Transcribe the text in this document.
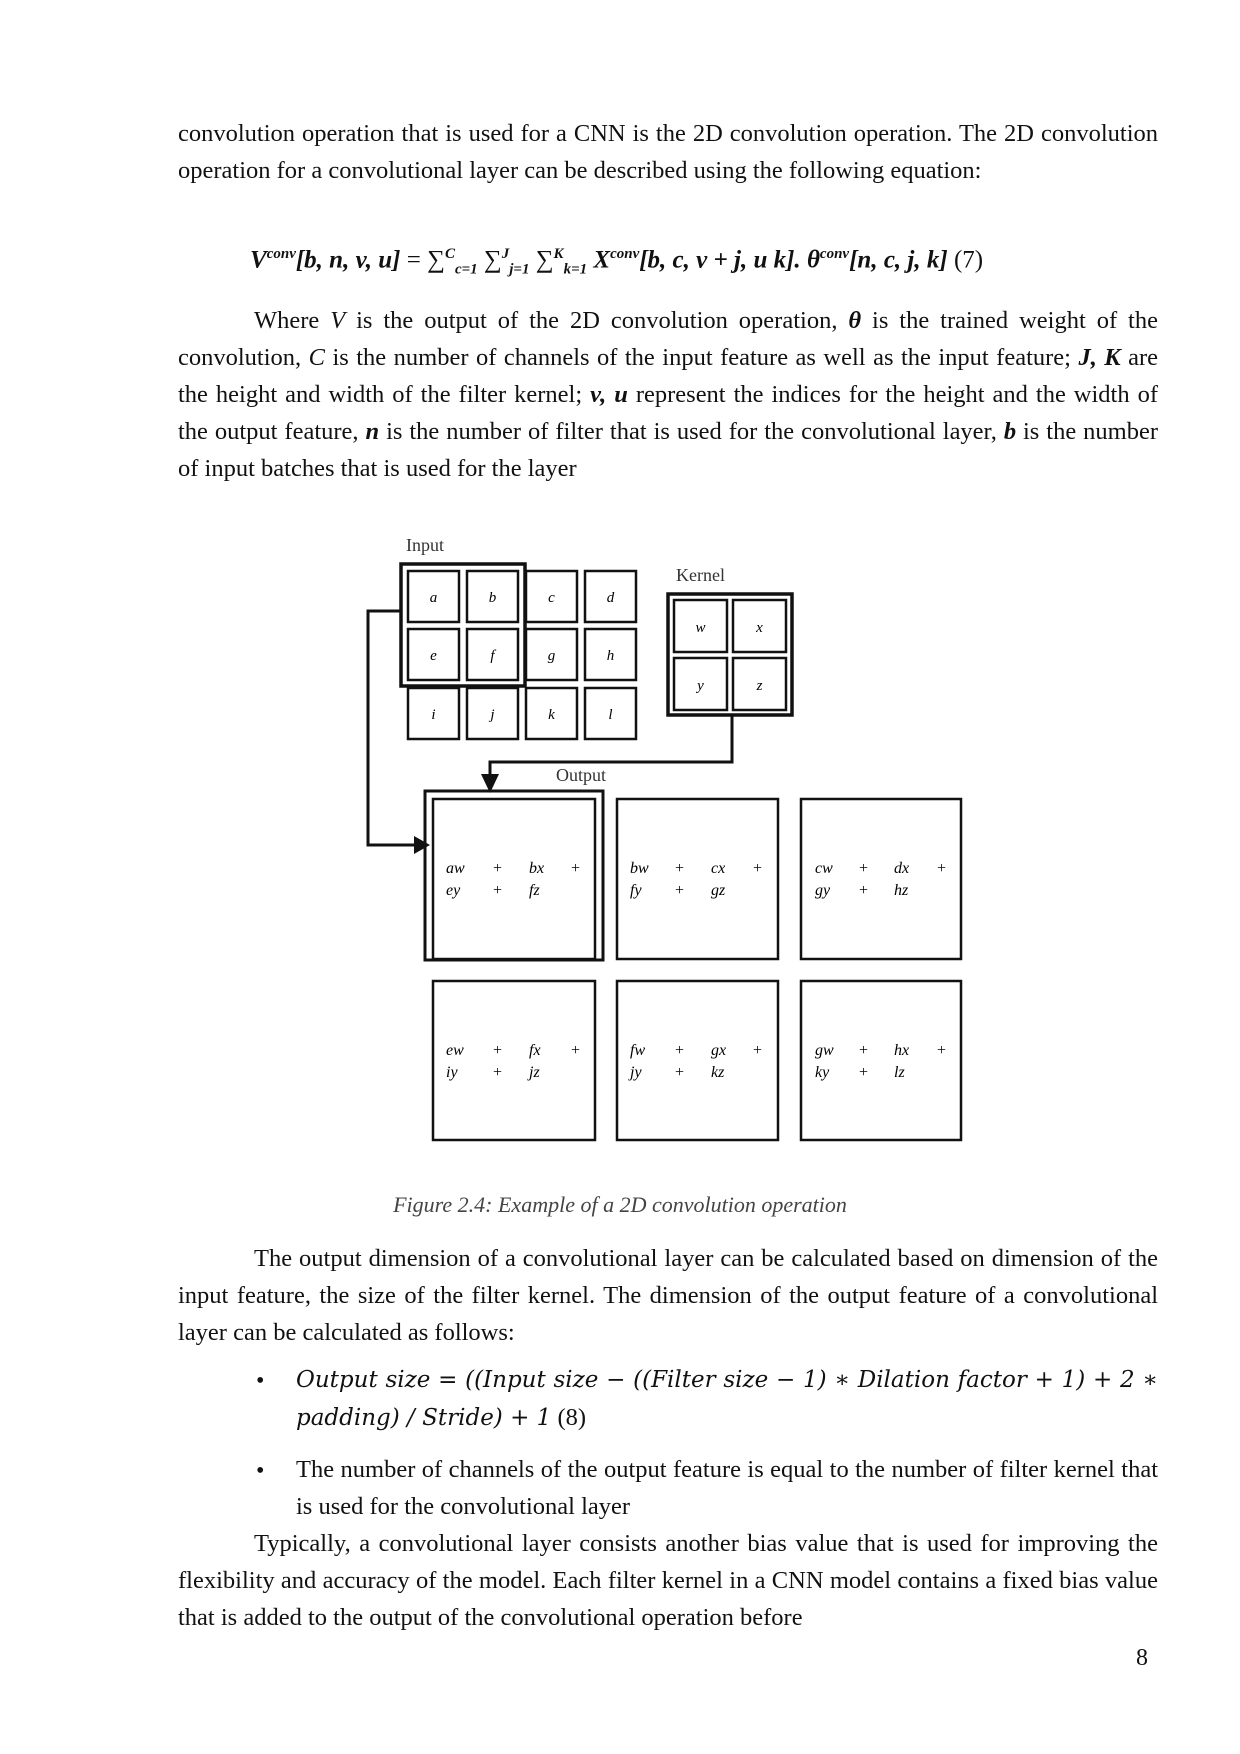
convolution operation that is used for a CNN is the 2D convolution operation. The 2D convolution operation for a convolutional layer can be described using the following equation:

$V^{conv}[b$, n, v, u] = ∑$^C_{c=1}$ ∑$^J_{j=1}$ ∑$^K_{k=1}$ $X^{conv}[b$, c, v + j, u k]. $\theta^{conv}[n$, c, j, k] (7)

Where V is the output of the 2D convolution operation, θ is the trained weight of the convolution, C is the number of channels of the input feature as well as the input feature; J, K are the height and width of the filter kernel; v, u represent the indices for the height and the width of the output feature, n is the number of filter that is used for the convolutional layer, b is the number of input batches that is used for the layer

Input
Kernel
Output
a	b	c	d
e	f	g	h
i	j	k	l
w	x
y	z
aw + bx +
ey + fz
bw + cx +
fy + gz
cw + dx +
gy + hz
ew + fx +
iy + jz
fw + gx +
jy + kz
gw + hx +
ky + lz
Figure 2.4: Example of a 2D convolution operation

The output dimension of a convolutional layer can be calculated based on dimension of the input feature, the size of the filter kernel. The dimension of the output feature of a convolutional layer can be calculated as follows:

• Output size = ((Input size − ((Filter size − 1) ∗ Dilation factor + 1) + 2 ∗ padding) / Stride) + 1 (8)

• The number of channels of the output feature is equal to the number of filter kernel that is used for the convolutional layer

Typically, a convolutional layer consists another bias value that is used for improving the flexibility and accuracy of the model. Each filter kernel in a CNN model contains a fixed bias value that is added to the output of the convolutional operation before

8
